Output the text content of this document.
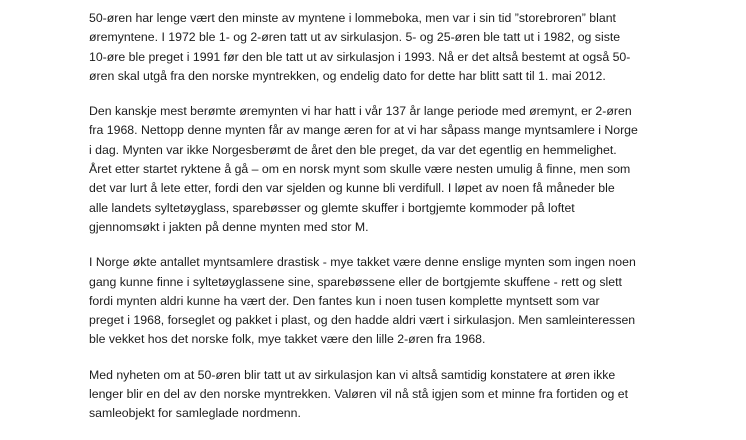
50-øren har lenge vært den minste av myntene i lommeboka, men var i sin tid ”storebroren” blant
øremyntene. I 1972 ble 1- og 2-øren tatt ut av sirkulasjon. 5- og 25-øren ble tatt ut i 1982, og siste
10-øre ble preget i 1991 før den ble tatt ut av sirkulasjon i 1993. Nå er det altså bestemt at også 50-
øren skal utgå fra den norske myntrekken, og endelig dato for dette har blitt satt til 1. mai 2012.

Den kanskje mest berømte øremynten vi har hatt i vår 137 år lange periode med øremynt, er 2-øren
fra 1968. Nettopp denne mynten får av mange æren for at vi har såpass mange myntsamlere i Norge
i dag. Mynten var ikke Norgesberømt de året den ble preget, da var det egentlig en hemmelighet.
Året etter startet ryktene å gå – om en norsk mynt som skulle være nesten umulig å finne, men som
det var lurt å lete etter, fordi den var sjelden og kunne bli verdifull. I løpet av noen få måneder ble
alle landets syltetøyglass, sparebøsser og glemte skuffer i bortgjemte kommoder på loftet
gjennomsøkt i jakten på denne mynten med stor M.

I Norge økte antallet myntsamlere drastisk - mye takket være denne enslige mynten som ingen noen
gang kunne finne i syltetøyglassene sine, sparebøssene eller de bortgjemte skuffene - rett og slett
fordi mynten aldri kunne ha vært der. Den fantes kun i noen tusen komplette myntsett som var
preget i 1968, forseglet og pakket i plast, og den hadde aldri vært i sirkulasjon. Men samleinteressen
ble vekket hos det norske folk, mye takket være den lille 2-øren fra 1968.

Med nyheten om at 50-øren blir tatt ut av sirkulasjon kan vi altså samtidig konstatere at øren ikke
lenger blir en del av den norske myntrekken. Valøren vil nå stå igjen som et minne fra fortiden og et
samleobjekt for samleglade nordmenn.
